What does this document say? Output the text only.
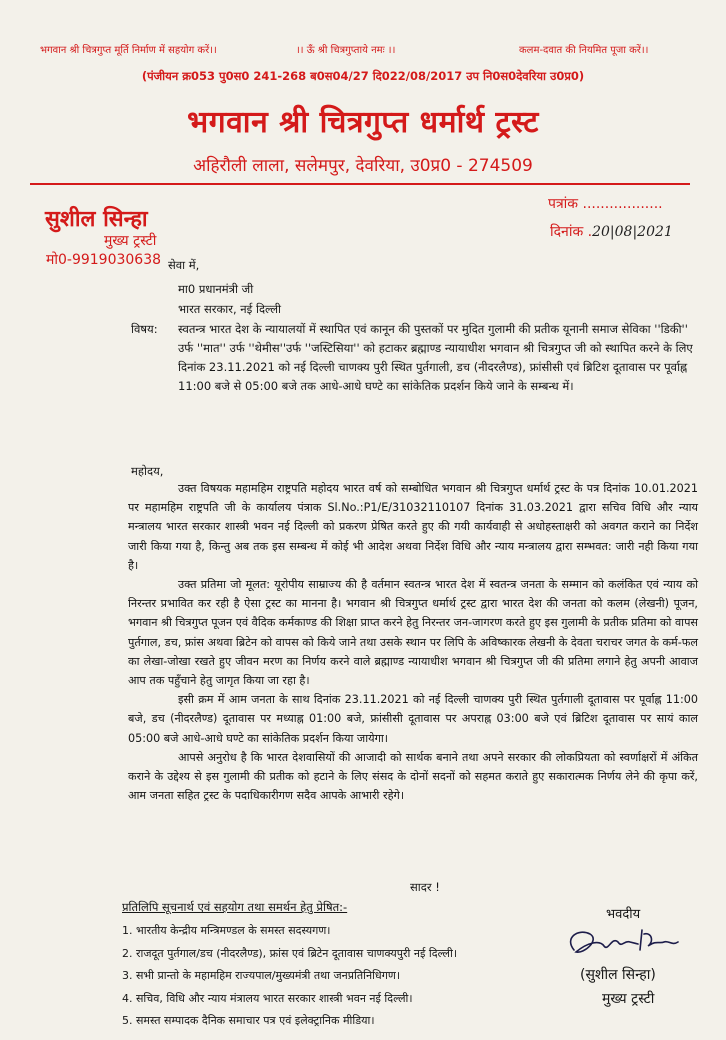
भगवान श्री चित्रगुप्त मूर्ति निर्माण में सहयोग करें।।	।। ऊँ श्री चित्रगुप्ताये नमः ।।	कलम-दवात की नियमित पूजा करें।।
(पंजीयन क्र053 पु0स0 241-268 ब0स04/27 दि022/08/2017 उप नि0स0देवरिया उ0प्र0)
भगवान श्री चित्रगुप्त धर्मार्थ ट्रस्ट
अहिरौली लाला, सलेमपुर, देवरिया, उ0प्र0 - 274509
सुशील सिन्हा
मुख्य ट्रस्टी
मो0-9919030638
पत्रांक ..................
दिनांक .20|08|2021
सेवा में,
मा0 प्रधानमंत्री जी
भारत सरकार, नई दिल्ली
विषय: स्वतन्त्र भारत देश के न्यायालयों में स्थापित एवं कानून की पुस्तकों पर मुदित गुलामी की प्रतीक यूनानी समाज सेविका ''डिकी'' उर्फ ''मात'' उर्फ ''थेमीस''उर्फ ''जस्टिसिया'' को हटाकर ब्रह्माण्ड न्यायाधीश भगवान श्री चित्रगुप्त जी को स्थापित करने के लिए दिनांक 23.11.2021 को नई दिल्ली चाणक्य पुरी स्थित पुर्तगाली, डच (नीदरलैण्ड), फ्रांसीसी एवं ब्रिटिश दूतावास पर पूर्वाह्न 11:00 बजे से 05:00 बजे तक आधे-आधे घण्टे का सांकेतिक प्रदर्शन किये जाने के सम्बन्ध में।
महोदय,

उक्त विषयक महामहिम राष्ट्रपति महोदय भारत वर्ष को सम्बोधित भगवान श्री चित्रगुप्त धर्मार्थ ट्रस्ट के पत्र दिनांक 10.01.2021 पर महामहिम राष्ट्रपति जी के कार्यालय पंत्राक Sl.No.:P1/E/31032110107 दिनांक 31.03.2021 द्वारा सचिव विधि और न्याय मन्त्रालय भारत सरकार शास्त्री भवन नई दिल्ली को प्रकरण प्रेषित करते हुए की गयी कार्यवाही से अधोहस्ताक्षरी को अवगत कराने का निर्देश जारी किया गया है, किन्तु अब तक इस सम्बन्ध में कोई भी आदेश अथवा निर्देश विधि और न्याय मन्त्रालय द्वारा सम्भवत: जारी नही किया गया है।

उक्त प्रतिमा जो मूलत: यूरोपीय साम्राज्य की है वर्तमान स्वतन्त्र भारत देश में स्वतन्त्र जनता के सम्मान को कलंकित एवं न्याय को निरन्तर प्रभावित कर रही है ऐसा ट्रस्ट का मानना है। भगवान श्री चित्रगुप्त धर्मार्थ ट्रस्ट द्वारा भारत देश की जनता को कलम (लेखनी) पूजन, भगवान श्री चित्रगुप्त पूजन एवं वैदिक कर्मकाण्ड की शिक्षा प्राप्त करने हेतु निरन्तर जन-जागरण करते हुए इस गुलामी के प्रतीक प्रतिमा को वापस पुर्तगाल, डच, फ्रांस अथवा ब्रिटेन को वापस को किये जाने तथा उसके स्थान पर लिपि के अविष्कारक लेखनी के देवता चराचर जगत के कर्म-फल का लेखा-जोखा रखते हुए जीवन मरण का निर्णय करने वाले ब्रह्माण्ड न्यायाधीश भगवान श्री चित्रगुप्त जी की प्रतिमा लगाने हेतु अपनी आवाज आप तक पहुँचाने हेतु जागृत किया जा रहा है।

इसी क्रम में आम जनता के साथ दिनांक 23.11.2021 को नई दिल्ली चाणक्य पुरी स्थित पुर्तगाली दूतावास पर पूर्वाह्न 11:00 बजे, डच (नीदरलैण्ड) दूतावास पर मध्याह्न 01:00 बजे, फ्रांसीसी दूतावास पर अपराह्न 03:00 बजे एवं ब्रिटिश दूतावास पर सायं काल 05:00 बजे आधे-आधे घण्टे का सांकेतिक प्रदर्शन किया जायेगा।

आपसे अनुरोध है कि भारत देशवासियों की आजादी को सार्थक बनाने तथा अपने सरकार की लोकप्रियता को स्वर्णाक्षरों में अंकित कराने के उद्देश्य से इस गुलामी की प्रतीक को हटाने के लिए संसद के दोनों सदनों को सहमत कराते हुए सकारात्मक निर्णय लेने की कृपा करें, आम जनता सहित ट्रस्ट के पदाधिकारीगण सदैव आपके आभारी रहेगे।

सादर !
प्रतिलिपि सूचनार्थ एवं सहयोग तथा समर्थन हेतु प्रेषित:-
1. भारतीय केन्द्रीय मन्त्रिमण्डल के समस्त सदस्यगण।
2. राजदूत पुर्तगाल/डच (नीदरलैण्ड), फ्रांस एवं ब्रिटेन दूतावास चाणक्यपुरी नई दिल्ली।
3. सभी प्रान्तो के महामहिम राज्यपाल/मुख्यमंत्री तथा जनप्रतिनिधिगण।
4. सचिव, विधि और न्याय मंत्रालय भारत सरकार शास्त्री भवन नई दिल्ली।
5. समस्त सम्पादक दैनिक समाचार पत्र एवं इलेक्ट्रानिक मीडिया।
भवदीय
(सुशील सिन्हा)
मुख्य ट्रस्टी
